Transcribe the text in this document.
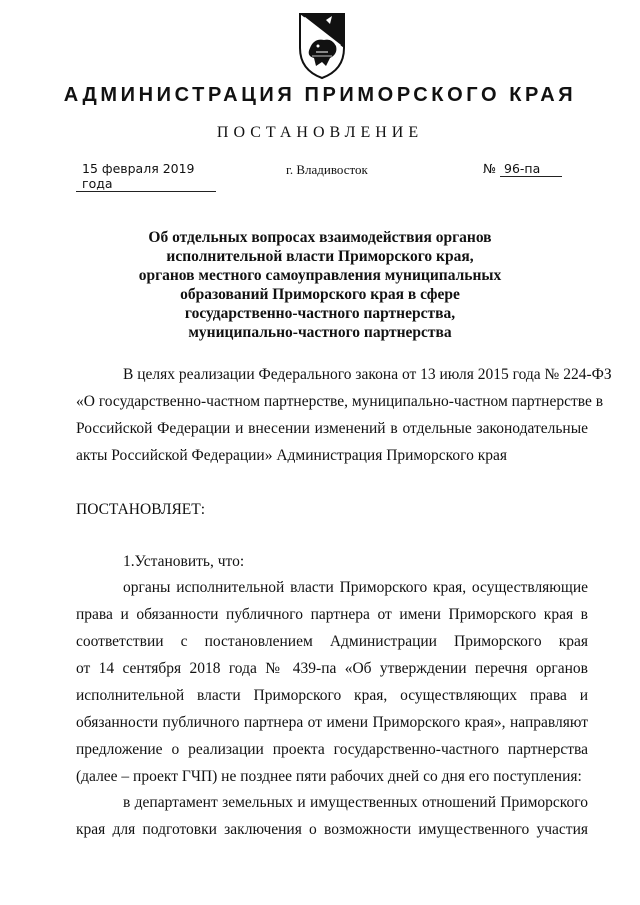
АДМИНИСТРАЦИЯ ПРИМОРСКОГО КРАЯ
ПОСТАНОВЛЕНИЕ
15 февраля 2019 года
г. Владивосток	№ 96-па
Об отдельных вопросах взаимодействия органов
исполнительной власти Приморского края,
органов местного самоуправления муниципальных
образований Приморского края в сфере
государственно-частного партнерства,
муниципально-частного партнерства
В целях реализации Федерального закона от 13 июля 2015 года № 224-ФЗ
«О государственно-частном партнерстве, муниципально-частном партнерстве в
Российской Федерации и внесении изменений в отдельные законодательные
акты Российской Федерации» Администрация Приморского края
ПОСТАНОВЛЯЕТ:
1.Установить, что:
органы исполнительной власти Приморского края, осуществляющие
права и обязанности публичного партнера от имени Приморского края в
соответствии с постановлением Администрации Приморского края
от 14 сентября 2018 года № 439-па «Об утверждении перечня органов
исполнительной власти Приморского края, осуществляющих права и
обязанности публичного партнера от имени Приморского края», направляют
предложение о реализации проекта государственно-частного партнерства
(далее – проект ГЧП) не позднее пяти рабочих дней со дня его поступления:
в департамент земельных и имущественных отношений Приморского
края для подготовки заключения о возможности имущественного участия
